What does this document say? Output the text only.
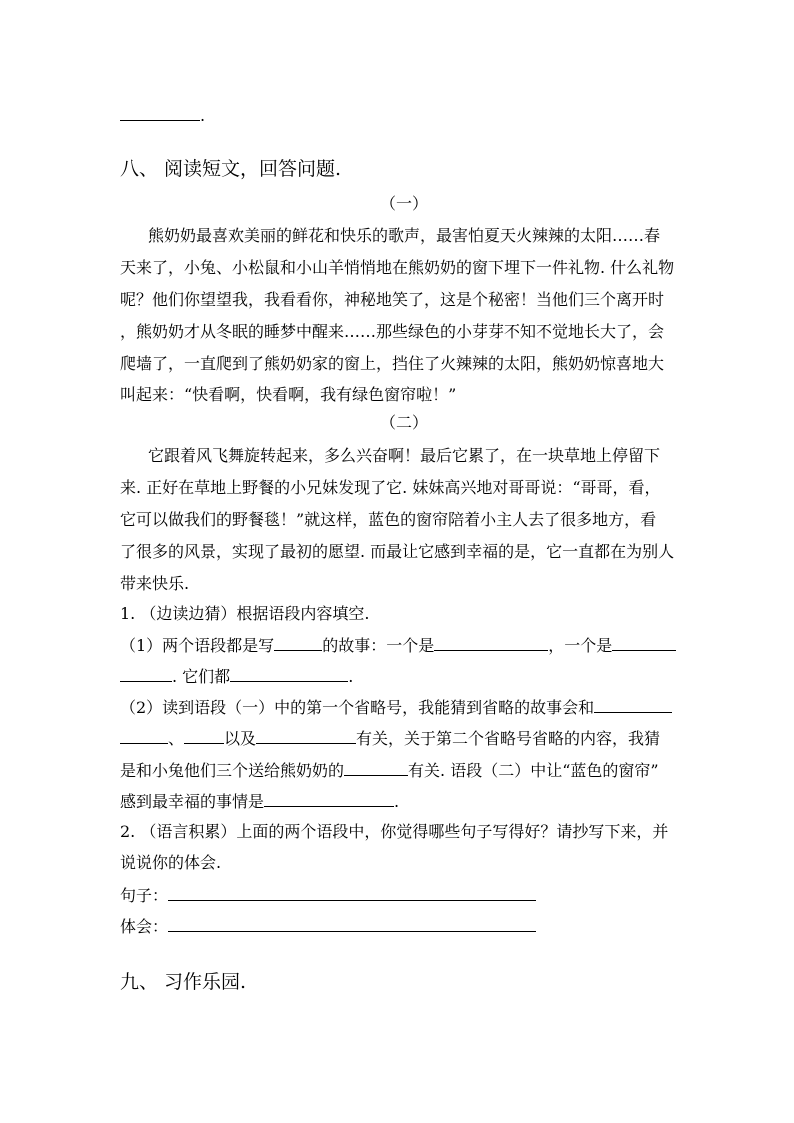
.
八、 阅读短文，回答问题.
（一）
熊奶奶最喜欢美丽的鲜花和快乐的歌声，最害怕夏天火辣辣的太阳……春
天来了，小兔、小松鼠和小山羊悄悄地在熊奶奶的窗下埋下一件礼物. 什么礼物
呢？他们你望望我，我看看你，神秘地笑了，这是个秘密！当他们三个离开时
，熊奶奶才从冬眠的睡梦中醒来……那些绿色的小芽芽不知不觉地长大了，会
爬墙了，一直爬到了熊奶奶家的窗上，挡住了火辣辣的太阳，熊奶奶惊喜地大
叫起来：“快看啊，快看啊，我有绿色窗帘啦！”
（二）
它跟着风飞舞旋转起来，多么兴奋啊！最后它累了，在一块草地上停留下
来. 正好在草地上野餐的小兄妹发现了它. 妹妹高兴地对哥哥说：“哥哥，看，
它可以做我们的野餐毯！”就这样，蓝色的窗帘陪着小主人去了很多地方，看
了很多的风景，实现了最初的愿望. 而最让它感到幸福的是，它一直都在为别人
带来快乐.
1. （边读边猜）根据语段内容填空.
（1）两个语段都是写	的故事：一个是	，一个是
. 它们都	.
（2）读到语段（一）中的第一个省略号，我能猜到省略的故事会和
、	以及	有关，关于第二个省略号省略的内容，我猜
是和小兔他们三个送给熊奶奶的	有关. 语段（二）中让“蓝色的窗帘”
感到最幸福的事情是	.
2. （语言积累）上面的两个语段中，你觉得哪些句子写得好？请抄写下来，并
说说你的体会.
句子：
体会：
九、 习作乐园.
